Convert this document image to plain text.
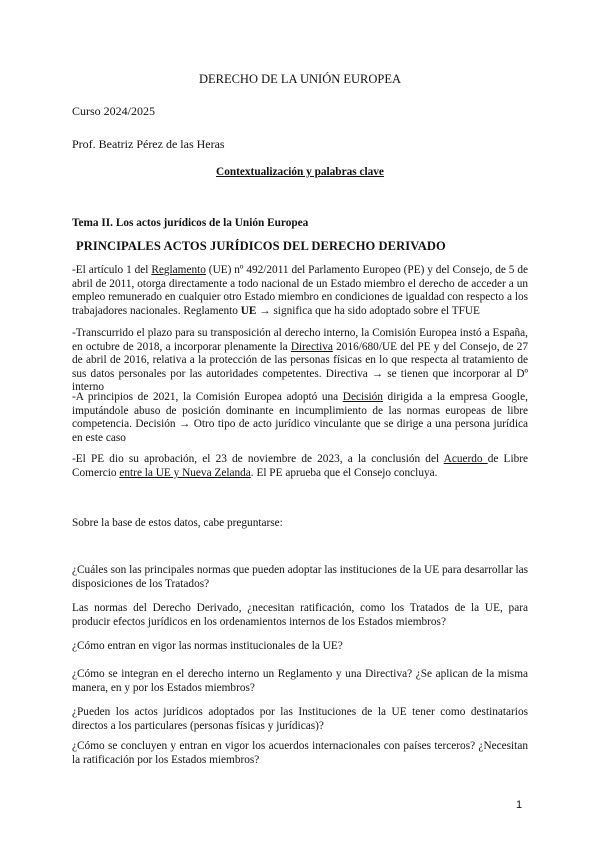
DERECHO DE LA UNIÓN EUROPEA
Curso 2024/2025
Prof. Beatriz Pérez de las Heras
Contextualización y palabras clave
Tema II. Los actos jurídicos de la Unión Europea
PRINCIPALES ACTOS JURÍDICOS DEL DERECHO DERIVADO

-El artículo 1 del Reglamento (UE) nº 492/2011 del Parlamento Europeo (PE) y del Consejo, de 5 de abril de 2011, otorga directamente a todo nacional de un Estado miembro el derecho de acceder a un empleo remunerado en cualquier otro Estado miembro en condiciones de igualdad con respecto a los trabajadores nacionales. Reglamento UE → significa que ha sido adoptado sobre el TFUE

-Transcurrido el plazo para su transposición al derecho interno, la Comisión Europea instó a España, en octubre de 2018, a incorporar plenamente la Directiva 2016/680/UE del PE y del Consejo, de 27 de abril de 2016, relativa a la protección de las personas físicas en lo que respecta al tratamiento de sus datos personales por las autoridades competentes. Directiva → se tienen que incorporar al Dº interno

-A principios de 2021, la Comisión Europea adoptó una Decisión dirigida a la empresa Google, imputándole abuso de posición dominante en incumplimiento de las normas europeas de libre competencia. Decisión → Otro tipo de acto jurídico vinculante que se dirige a una persona jurídica en este caso

-El PE dio su aprobación, el 23 de noviembre de 2023, a la conclusión del Acuerdo de Libre Comercio entre la UE y Nueva Zelanda. El PE aprueba que el Consejo concluya.

Sobre la base de estos datos, cabe preguntarse:
¿Cuáles son las principales normas que pueden adoptar las instituciones de la UE para desarrollar las disposiciones de los Tratados?
Las normas del Derecho Derivado, ¿necesitan ratificación, como los Tratados de la UE, para producir efectos jurídicos en los ordenamientos internos de los Estados miembros?
¿Cómo entran en vigor las normas institucionales de la UE?
¿Cómo se integran en el derecho interno un Reglamento y una Directiva? ¿Se aplican de la misma manera, en y por los Estados miembros?
¿Pueden los actos jurídicos adoptados por las Instituciones de la UE tener como destinatarios directos a los particulares (personas físicas y jurídicas)?
¿Cómo se concluyen y entran en vigor los acuerdos internacionales con países terceros? ¿Necesitan la ratificación por los Estados miembros?
1
